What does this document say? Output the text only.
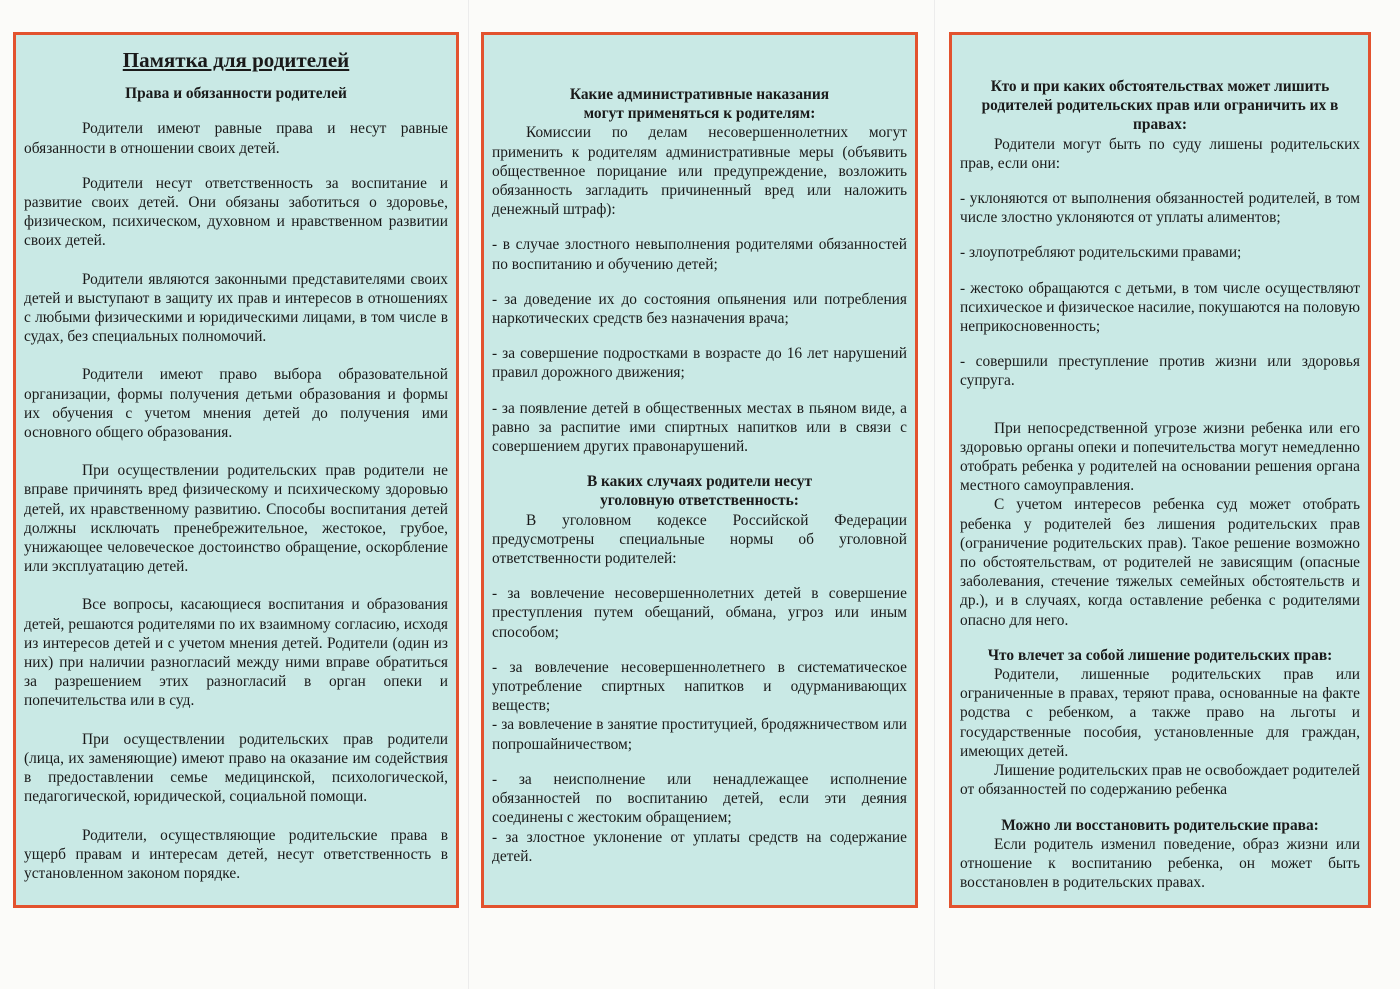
Памятка для родителей
Права и обязанности родителей

Родители имеют равные права и несут равные обязанности в отношении своих детей.

Родители несут ответственность за воспитание и развитие своих детей. Они обязаны заботиться о здоровье, физическом, психическом, духовном и нравственном развитии своих детей.

Родители являются законными представителями своих детей и выступают в защиту их прав и интересов в отношениях с любыми физическими и юридическими лицами, в том числе в судах, без специальных полномочий.

Родители имеют право выбора образовательной организации, формы получения детьми образования и формы их обучения с учетом мнения детей до получения ими основного общего образования.

При осуществлении родительских прав родители не вправе причинять вред физическому и психическому здоровью детей, их нравственному развитию. Способы воспитания детей должны исключать пренебрежительное, жестокое, грубое, унижающее человеческое достоинство обращение, оскорбление или эксплуатацию детей.

Все вопросы, касающиеся воспитания и образования детей, решаются родителями по их взаимному согласию, исходя из интересов детей и с учетом мнения детей. Родители (один из них) при наличии разногласий между ними вправе обратиться за разрешением этих разногласий в орган опеки и попечительства или в суд.

При осуществлении родительских прав родители (лица, их заменяющие) имеют право на оказание им содействия в предоставлении семье медицинской, психологической, педагогической, юридической, социальной помощи.

Родители, осуществляющие родительские права в ущерб правам и интересам детей, несут ответственность в установленном законом порядке.

Какие административные наказания могут применяться к родителям:

Комиссии по делам несовершеннолетних могут применить к родителям административные меры (объявить общественное порицание или предупреждение, возложить обязанность загладить причиненный вред или наложить денежный штраф):

- в случае злостного невыполнения родителями обязанностей по воспитанию и обучению детей;

- за доведение их до состояния опьянения или потребления наркотических средств без назначения врача;

- за совершение подростками в возрасте до 16 лет нарушений правил дорожного движения;

- за появление детей в общественных местах в пьяном виде, а равно за распитие ими спиртных напитков или в связи с совершением других правонарушений.

В каких случаях родители несут уголовную ответственность:

В уголовном кодексе Российской Федерации предусмотрены специальные нормы об уголовной ответственности родителей:

- за вовлечение несовершеннолетних детей в совершение преступления путем обещаний, обмана, угроз или иным способом;

- за вовлечение несовершеннолетнего в систематическое употребление спиртных напитков и одурманивающих веществ;

- за вовлечение в занятие проституцией, бродяжничеством или попрошайничеством;

- за неисполнение или ненадлежащее исполнение обязанностей по воспитанию детей, если эти деяния соединены с жестоким обращением;

- за злостное уклонение от уплаты средств на содержание детей.

Кто и при каких обстоятельствах может лишить родителей родительских прав или ограничить их в правах:

Родители могут быть по суду лишены родительских прав, если они:

- уклоняются от выполнения обязанностей родителей, в том числе злостно уклоняются от уплаты алиментов;

- злоупотребляют родительскими правами;

- жестоко обращаются с детьми, в том числе осуществляют психическое и физическое насилие, покушаются на половую неприкосновенность;

- совершили преступление против жизни или здоровья супруга.

При непосредственной угрозе жизни ребенка или его здоровью органы опеки и попечительства могут немедленно отобрать ребенка у родителей на основании решения органа местного самоуправления.

С учетом интересов ребенка суд может отобрать ребенка у родителей без лишения родительских прав (ограничение родительских прав). Такое решение возможно по обстоятельствам, от родителей не зависящим (опасные заболевания, стечение тяжелых семейных обстоятельств и др.), и в случаях, когда оставление ребенка с родителями опасно для него.

Что влечет за собой лишение родительских прав:

Родители, лишенные родительских прав или ограниченные в правах, теряют права, основанные на факте родства с ребенком, а также право на льготы и государственные пособия, установленные для граждан, имеющих детей.

Лишение родительских прав не освобождает родителей от обязанностей по содержанию ребенка

Можно ли восстановить родительские права:

Если родитель изменил поведение, образ жизни или отношение к воспитанию ребенка, он может быть восстановлен в родительских правах.
